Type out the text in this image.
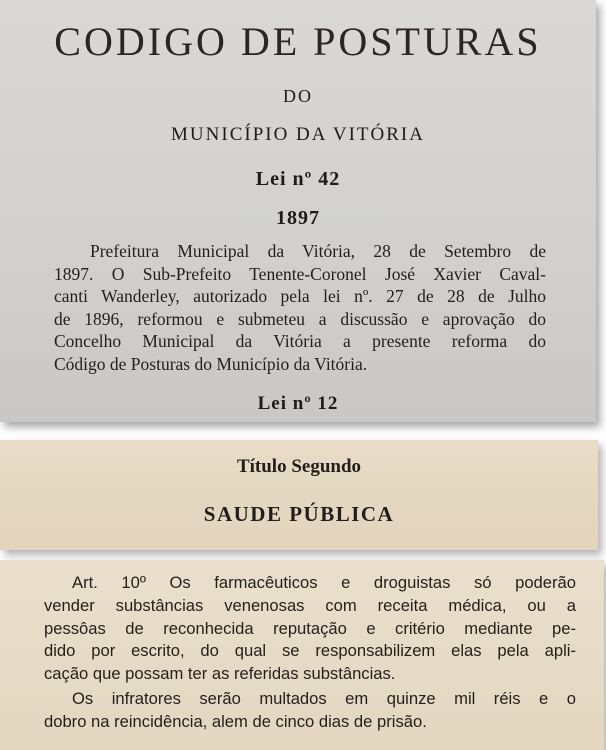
CODIGO DE POSTURAS
DO
MUNICÍPIO DA VITÓRIA
Lei nº 42
1897
Prefeitura Municipal da Vitória, 28 de Setembro de
1897. O Sub-Prefeito Tenente-Coronel José Xavier Caval-
canti Wanderley, autorizado pela lei nº. 27 de 28 de Julho
de 1896, reformou e submeteu a discussão e aprovação do
Concelho Municipal da Vitória a presente reforma do
Código de Posturas do Município da Vitória.
Lei nº 12
Título Segundo
SAUDE PÚBLICA
Art. 10º Os farmacêuticos e droguistas só poderão
vender substâncias venenosas com receita médica, ou a
pessôas de reconhecida reputação e critério mediante pe-
dido por escrito, do qual se responsabilizem elas pela apli-
cação que possam ter as referidas substâncias.
Os infratores serão multados em quinze mil réis e o
dobro na reincidência, alem de cinco dias de prisão.
